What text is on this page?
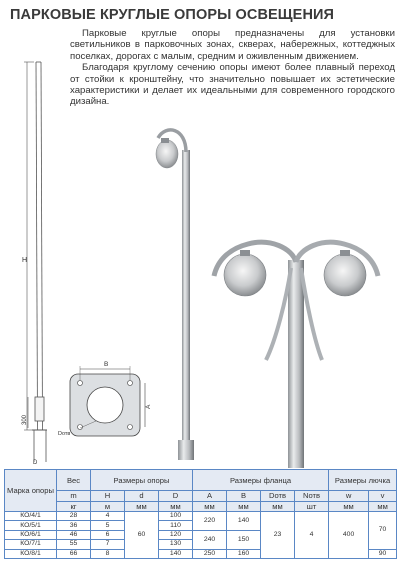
ПАРКОВЫЕ КРУГЛЫЕ ОПОРЫ ОСВЕЩЕНИЯ

Парковые круглые опоры предназначены для установки светильников в парковочных зонах, скверах, набережных, коттеджных поселках, дорогах с малым, средним и оживленным движением.

Благодаря круглому сечению опоры имеют более плавный переход от стойки к кронштейну, что значительно повышает их эстетические характеристики и делает их идеальными для современного городского дизайна.

H
300
D
B
A
Dотв
Марка опоры	Вес	Размеры опоры			Размеры фланца				Размеры лючка	
	m	H	d	D	A	B	Dотв	Nотв	w	v
	кг	м	мм	мм	мм	мм	мм	шт	мм	мм
КО/4/1	28	4	60	100	220	140	23	4	400	70
КО/5/1	36	5		110						
КО/6/1	46	6		120	240	150				
КО/7/1	55	7		130						
КО/8/1	66	8		140	250	160				90
